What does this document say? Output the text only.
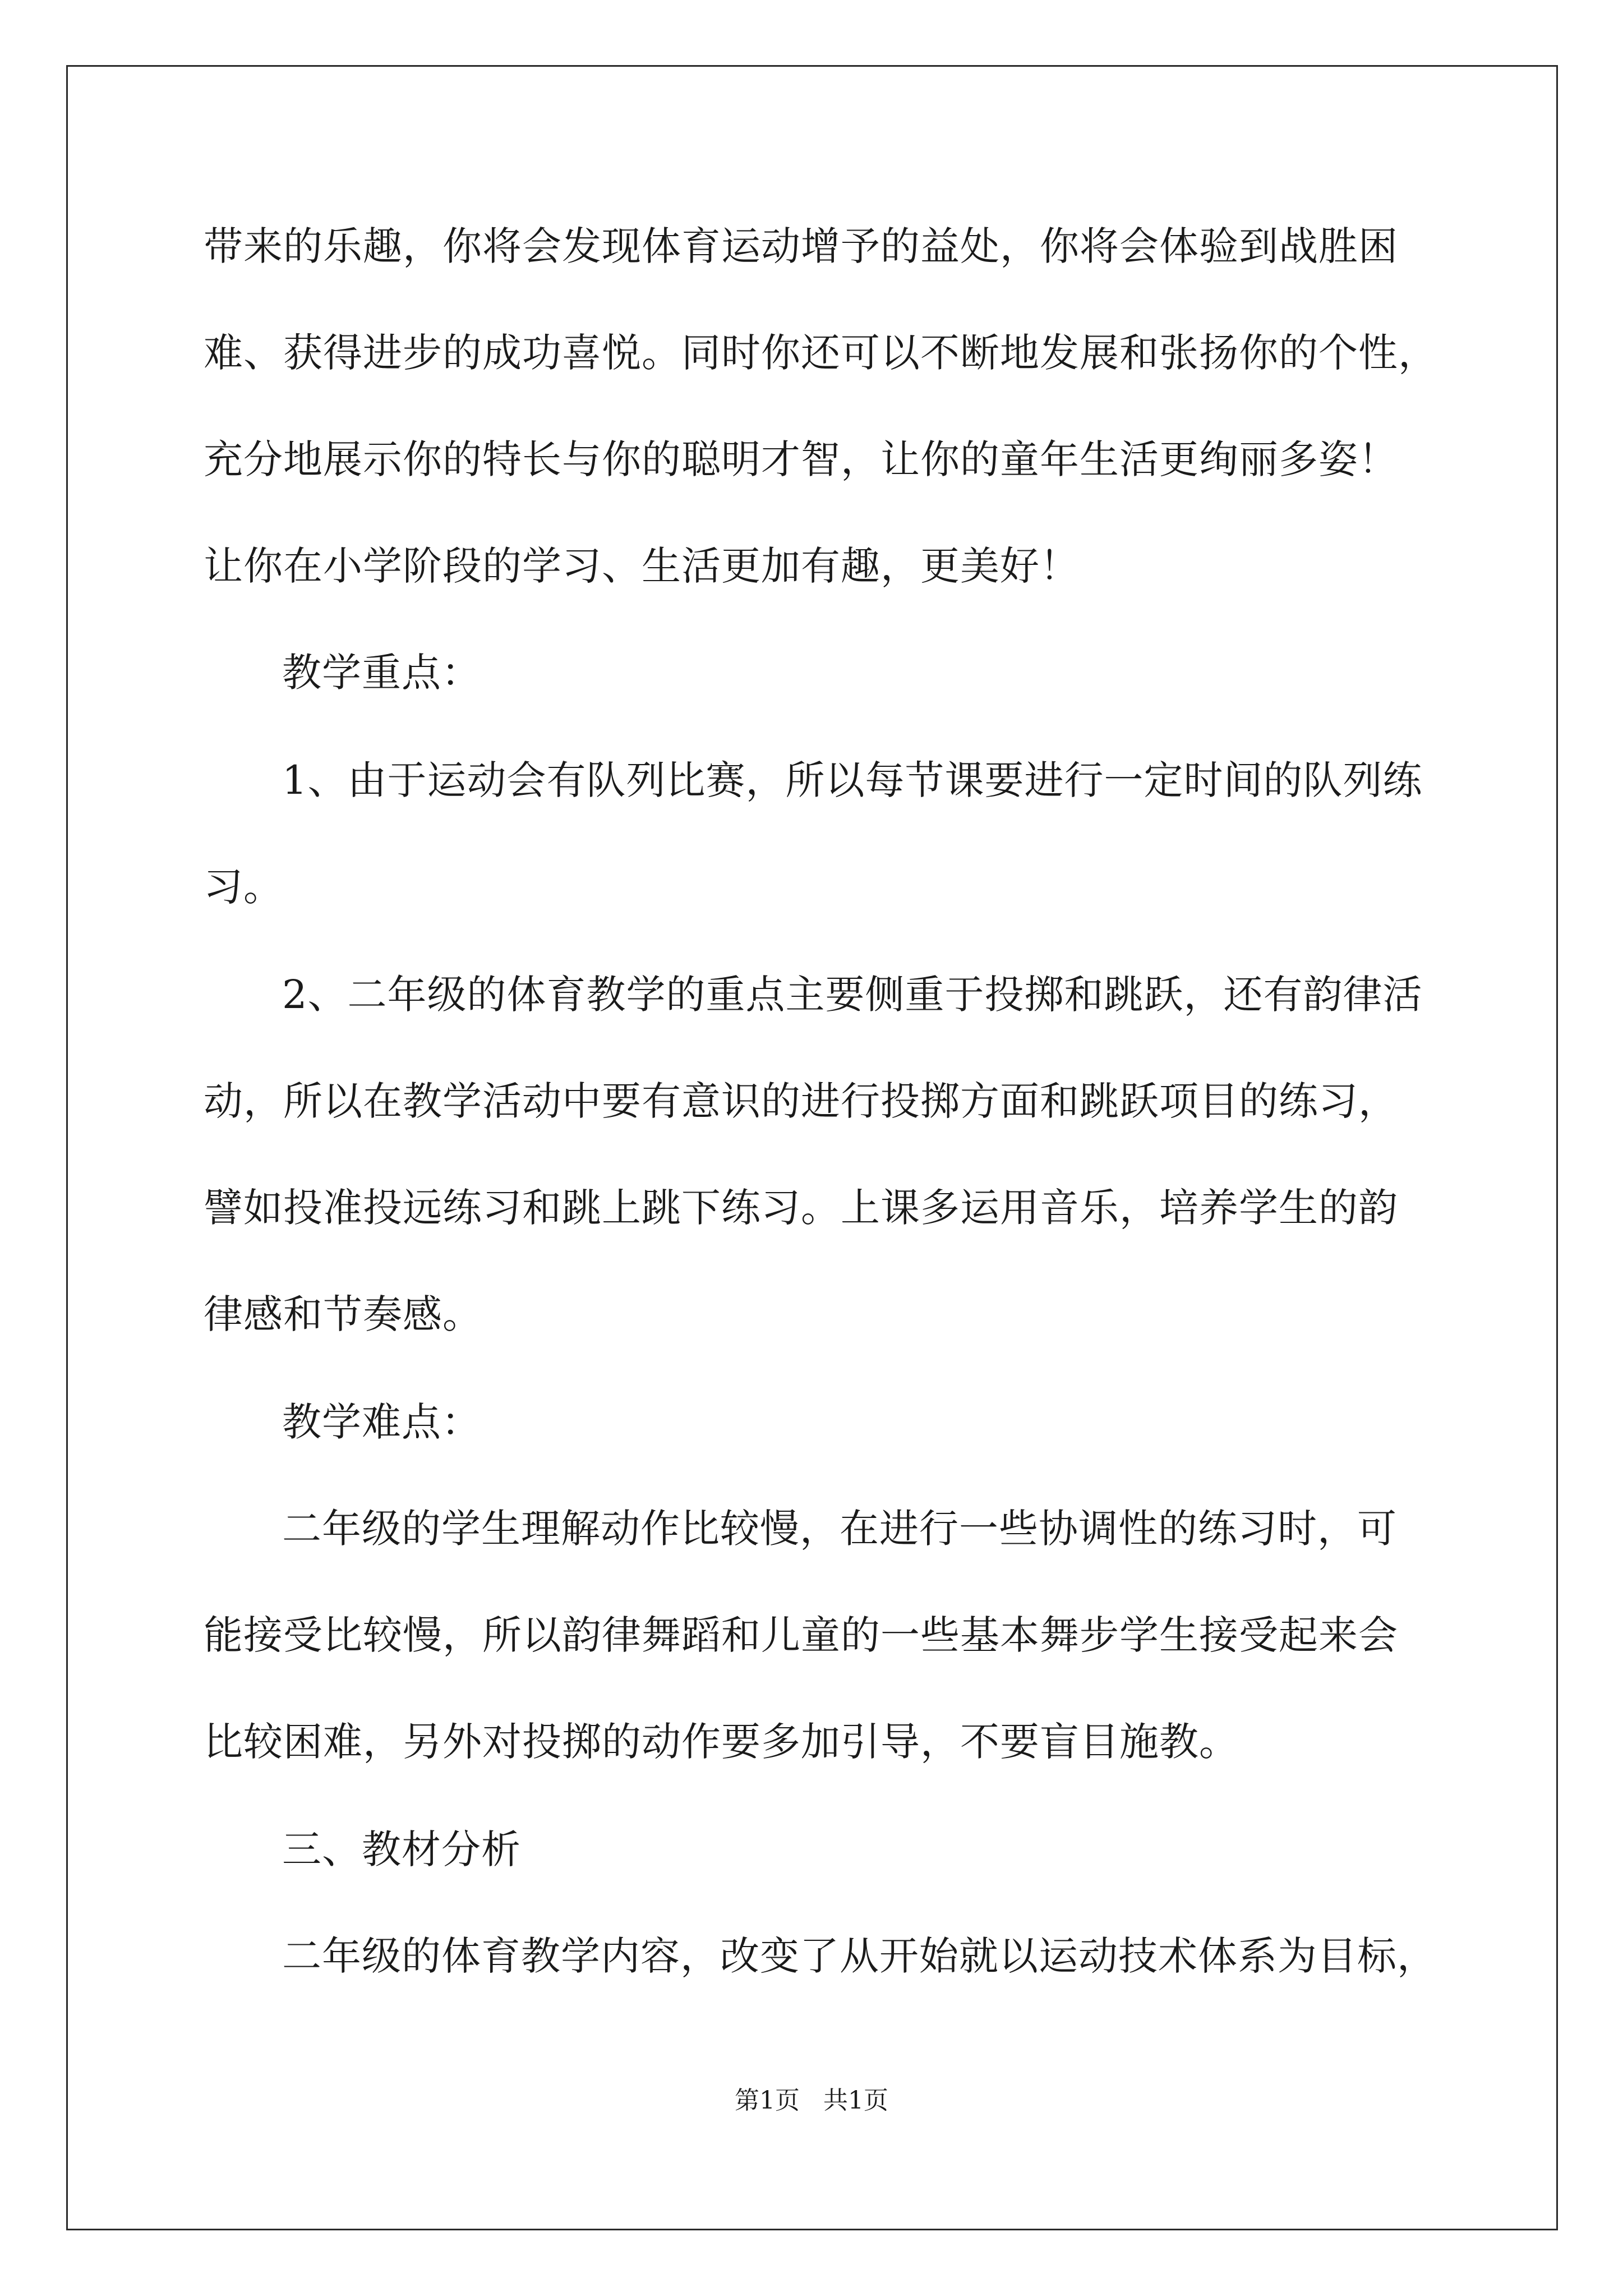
带来的乐趣，你将会发现体育运动增予的益处，你将会体验到战胜困
难、获得进步的成功喜悦。同时你还可以不断地发展和张扬你的个性，
充分地展示你的特长与你的聪明才智，让你的童年生活更绚丽多姿！
让你在小学阶段的学习、生活更加有趣，更美好！
教学重点：
1、由于运动会有队列比赛，所以每节课要进行一定时间的队列练
习。
2、二年级的体育教学的重点主要侧重于投掷和跳跃，还有韵律活
动，所以在教学活动中要有意识的进行投掷方面和跳跃项目的练习，
譬如投准投远练习和跳上跳下练习。上课多运用音乐，培养学生的韵
律感和节奏感。
教学难点：
二年级的学生理解动作比较慢，在进行一些协调性的练习时，可
能接受比较慢，所以韵律舞蹈和儿童的一些基本舞步学生接受起来会
比较困难，另外对投掷的动作要多加引导，不要盲目施教。
三、教材分析
二年级的体育教学内容，改变了从开始就以运动技术体系为目标，
第1页 共1页
